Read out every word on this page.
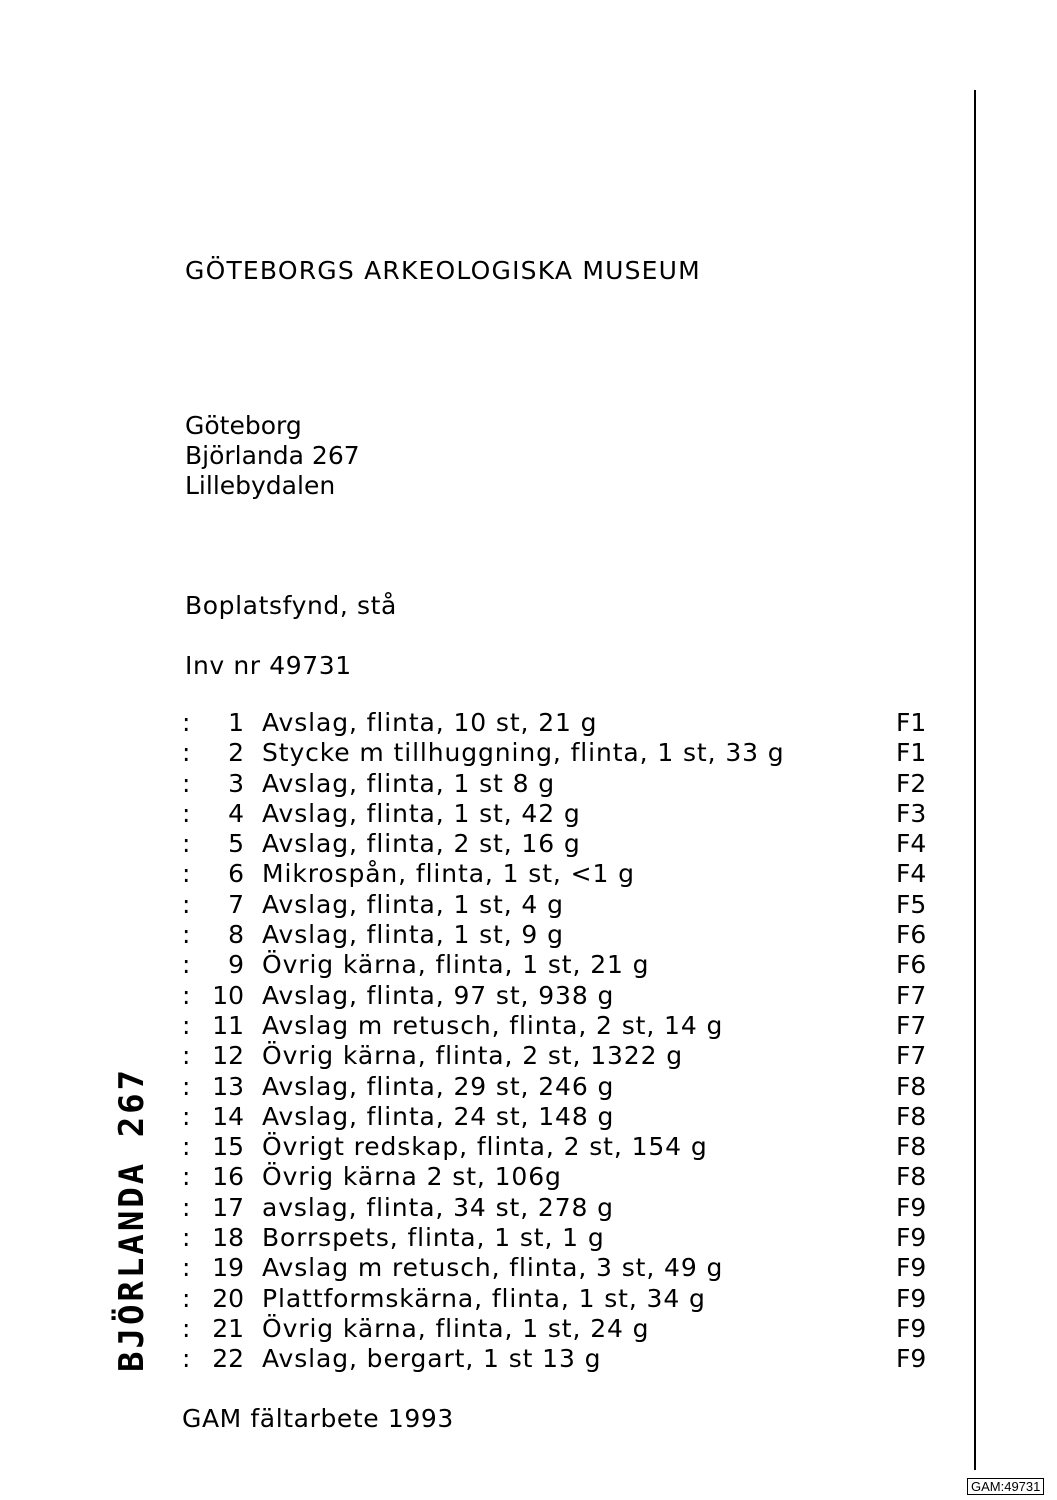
GÖTEBORGS ARKEOLOGISKA MUSEUM
Göteborg
Björlanda 267
Lillebydalen
Boplatsfynd, stå
Inv nr 49731
:	1 Avslag, flinta, 10 st, 21 g	F1
:	2 Stycke m tillhuggning, flinta, 1 st, 33 g	F1
:	3 Avslag, flinta, 1 st 8 g	F2
:	4 Avslag, flinta, 1 st, 42 g	F3
:	5 Avslag, flinta, 2 st, 16 g	F4
:	6 Mikrospån, flinta, 1 st, <1 g	F4
:	7 Avslag, flinta, 1 st, 4 g	F5
:	8 Avslag, flinta, 1 st, 9 g	F6
:	9 Övrig kärna, flinta, 1 st, 21 g	F6
: 10 Avslag, flinta, 97 st, 938 g	F7
: 11 Avslag m retusch, flinta, 2 st, 14 g	F7
: 12 Övrig kärna, flinta, 2 st, 1322 g	F7
: 13 Avslag, flinta, 29 st, 246 g	F8
: 14 Avslag, flinta, 24 st, 148 g	F8
: 15 Övrigt redskap, flinta, 2 st, 154 g	F8
: 16 Övrig kärna 2 st, 106g	F8
: 17 avslag, flinta, 34 st, 278 g	F9
: 18 Borrspets, flinta, 1 st, 1 g	F9
: 19 Avslag m retusch, flinta, 3 st, 49 g	F9
: 20 Plattformskärna, flinta, 1 st, 34 g	F9
: 21 Övrig kärna, flinta, 1 st, 24 g	F9
: 22 Avslag, bergart, 1 st 13 g	F9
GAM fältarbete 1993
BJÖRLANDA 267
GAM:49731
